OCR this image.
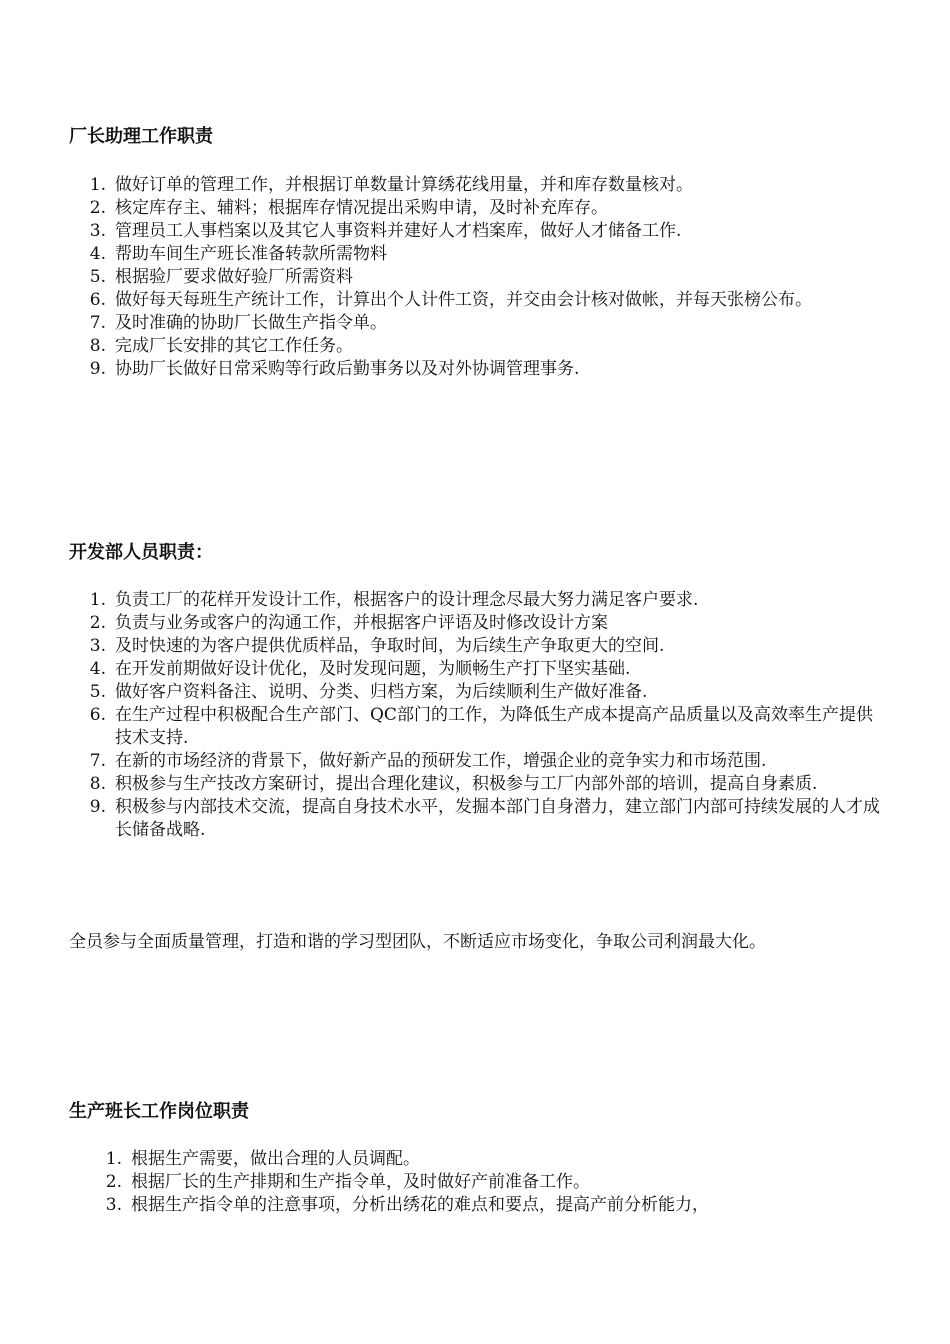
厂长助理工作职责
1. 做好订单的管理工作，并根据订单数量计算绣花线用量，并和库存数量核对。
2. 核定库存主、辅料；根据库存情况提出采购申请，及时补充库存。
3. 管理员工人事档案以及其它人事资料并建好人才档案库，做好人才储备工作.
4. 帮助车间生产班长准备转款所需物料
5. 根据验厂要求做好验厂所需资料
6. 做好每天每班生产统计工作，计算出个人计件工资，并交由会计核对做帐，并每天张榜公布。
7. 及时准确的协助厂长做生产指令单。
8. 完成厂长安排的其它工作任务。
9. 协助厂长做好日常采购等行政后勤事务以及对外协调管理事务.
开发部人员职责：
1. 负责工厂的花样开发设计工作，根据客户的设计理念尽最大努力满足客户要求.
2. 负责与业务或客户的沟通工作，并根据客户评语及时修改设计方案
3. 及时快速的为客户提供优质样品，争取时间，为后续生产争取更大的空间.
4. 在开发前期做好设计优化，及时发现问题，为顺畅生产打下坚实基础.
5. 做好客户资料备注、说明、分类、归档方案，为后续顺利生产做好准备.
6. 在生产过程中积极配合生产部门、QC部门的工作，为降低生产成本提高产品质量以及高效率生产提供技术支持.
7. 在新的市场经济的背景下，做好新产品的预研发工作，增强企业的竞争实力和市场范围.
8. 积极参与生产技改方案研讨，提出合理化建议，积极参与工厂内部外部的培训，提高自身素质.
9. 积极参与内部技术交流，提高自身技术水平，发掘本部门自身潜力，建立部门内部可持续发展的人才成长储备战略.

全员参与全面质量管理，打造和谐的学习型团队，不断适应市场变化，争取公司利润最大化。

生产班长工作岗位职责
1. 根据生产需要，做出合理的人员调配。
2. 根据厂长的生产排期和生产指令单，及时做好产前准备工作。
3. 根据生产指令单的注意事项，分析出绣花的难点和要点，提高产前分析能力，
